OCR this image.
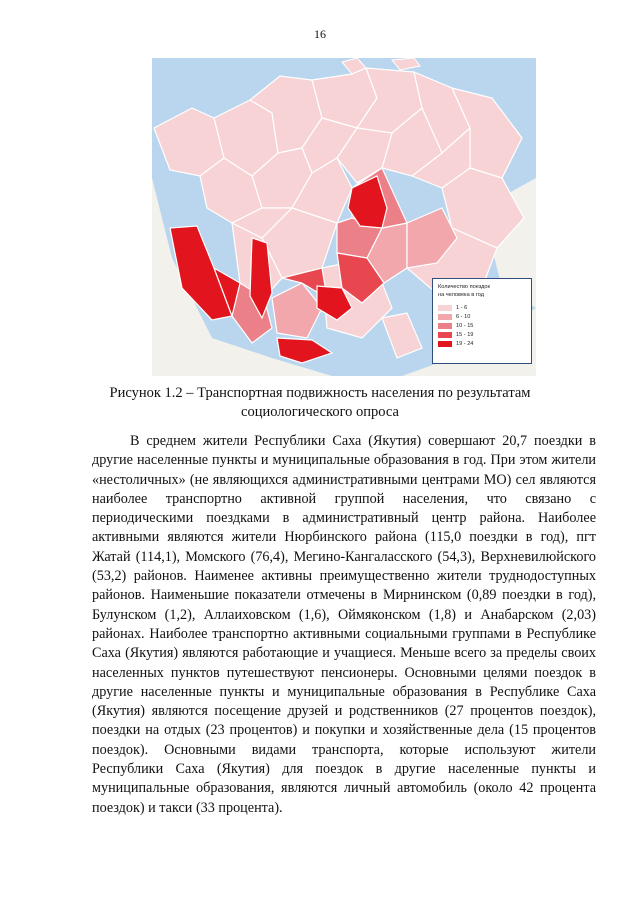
16
Количество поездок
на человека в год
1 - 6
6 - 10
10 - 15
15 - 19
19 - 24
Рисунок 1.2 – Транспортная подвижность населения по результатам
социологического опроса

В среднем жители Республики Саха (Якутия) совершают 20,7 поездки в другие населенные пункты и муниципальные образования в год. При этом жители «нестоличных» (не являющихся административными центрами МО) сел являются наиболее транспортно активной группой населения, что связано с периодическими поездками в административный центр района. Наиболее активными являются жители Нюрбинского района (115,0 поездки в год), пгт Жатай (114,1), Момского (76,4), Мегино-Кангаласского (54,3), Верхневилюйского (53,2) районов. Наименее активны преимущественно жители труднодоступных районов. Наименьшие показатели отмечены в Мирнинском (0,89 поездки в год), Булунском (1,2), Аллаиховском (1,6), Оймяконском (1,8) и Анабарском (2,03) районах. Наиболее транспортно активными социальными группами в Республике Саха (Якутия) являются работающие и учащиеся. Меньше всего за пределы своих населенных пунктов путешествуют пенсионеры. Основными целями поездок в другие населенные пункты и муниципальные образования в Республике Саха (Якутия) являются посещение друзей и родственников (27 процентов поездок), поездки на отдых (23 процентов) и покупки и хозяйственные дела (15 процентов поездок). Основными видами транспорта, которые используют жители Республики Саха (Якутия) для поездок в другие населенные пункты и муниципальные образования, являются личный автомобиль (около 42 процента поездок) и такси (33 процента).
